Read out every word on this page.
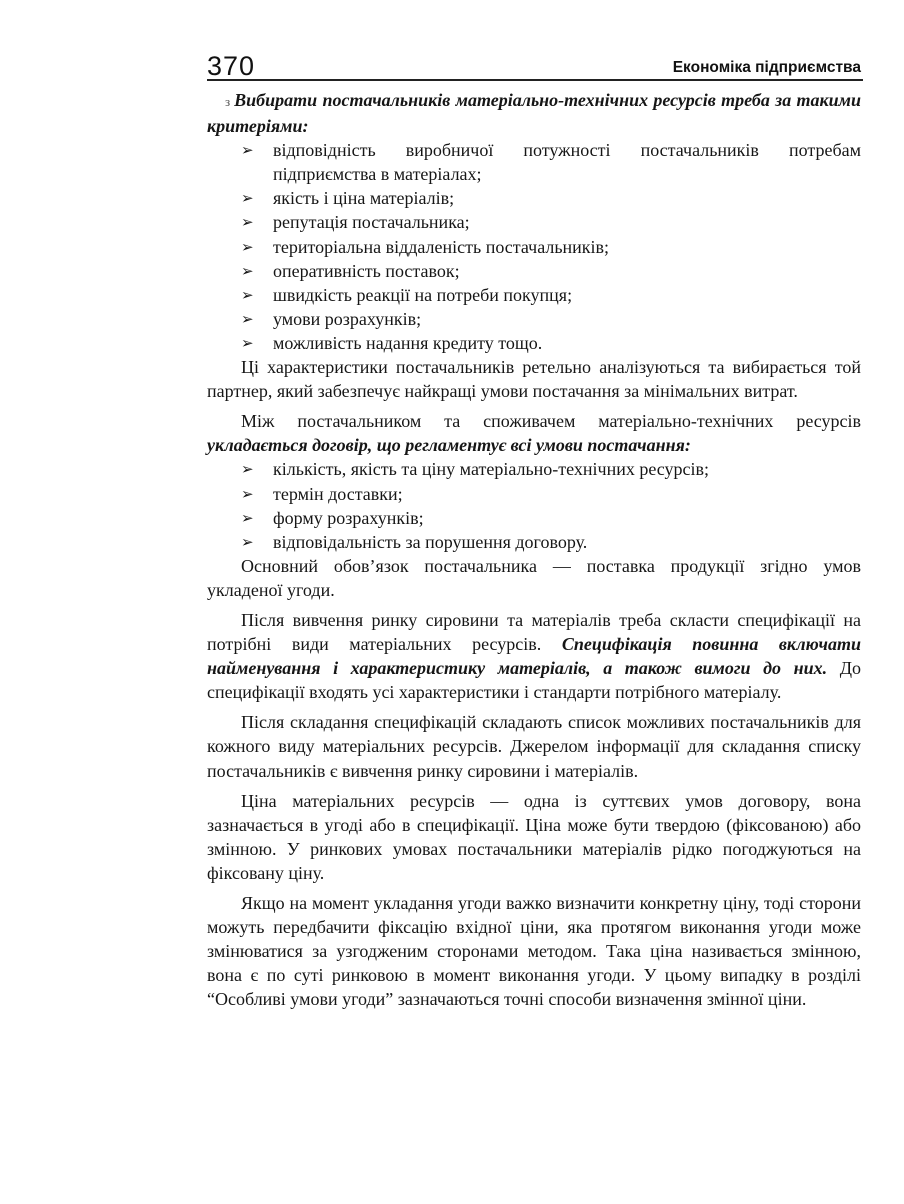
370	Економіка підприємства

з Вибирати постачальників матеріально-технічних ресурсів треба за такими критеріями:

➢	відповідність виробничої потужності постачальників потребам підприємства в матеріалах;
➢	якість і ціна матеріалів;
➢	репутація постачальника;
➢	територіальна віддаленість постачальників;
➢	оперативність поставок;
➢	швидкість реакції на потреби покупця;
➢	умови розрахунків;
➢	можливість надання кредиту тощо.

Ці характеристики постачальників ретельно аналізуються та вибирається той партнер, який забезпечує найкращі умови постачання за мінімальних витрат.

Між постачальником та споживачем матеріально-технічних ресурсів укладається договір, що регламентує всі умови постачання:

➢	кількість, якість та ціну матеріально-технічних ресурсів;
➢	термін доставки;
➢	форму розрахунків;
➢	відповідальність за порушення договору.

Основний обов’язок постачальника — поставка продукції згідно умов укладеної угоди.

Після вивчення ринку сировини та матеріалів треба скласти специфікації на потрібні види матеріальних ресурсів. Специфікація повинна включати найменування і характеристику матеріалів, а також вимоги до них. До специфікації входять усі характеристики і стандарти потрібного матеріалу.

Після складання специфікацій складають список можливих постачальників для кожного виду матеріальних ресурсів. Джерелом інформації для складання списку постачальників є вивчення ринку сировини і матеріалів.

Ціна матеріальних ресурсів — одна із суттєвих умов договору, вона зазначається в угоді або в специфікації. Ціна може бути твердою (фіксованою) або змінною. У ринкових умовах постачальники матеріалів рідко погоджуються на фіксовану ціну.

Якщо на момент укладання угоди важко визначити конкретну ціну, тоді сторони можуть передбачити фіксацію вхідної ціни, яка протягом виконання угоди може змінюватися за узгодженим сторонами методом. Така ціна називається змінною, вона є по суті ринковою в момент виконання угоди. У цьому випадку в розділі “Особливі умови угоди” зазначаються точні способи визначення змінної ціни.
